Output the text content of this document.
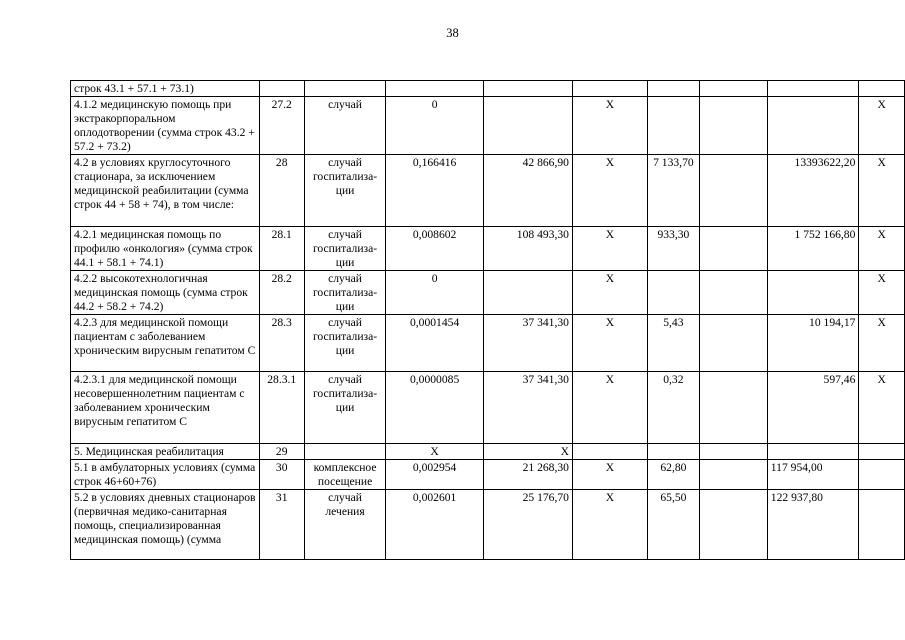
38
строк 43.1 + 57.1 + 73.1)									
4.1.2 медицинскую помощь при экстракорпоральном оплодотворении (сумма строк 43.2 + 57.2 + 73.2)	27.2	случай	0		X				X
4.2 в условиях круглосуточного стационара, за исключением медицинской реабилитации (сумма строк 44 + 58 + 74), в том числе:	28	случай госпитализа-ции	0,166416	42 866,90	X	7 133,70		13393622,20	X
4.2.1 медицинская помощь по профилю «онкология» (сумма строк 44.1 + 58.1 + 74.1)	28.1	случай госпитализа-ции	0,008602	108 493,30	X	933,30		1 752 166,80	X
4.2.2 высокотехнологичная медицинская помощь (сумма строк 44.2 + 58.2 + 74.2)	28.2	случай госпитализа-ции	0		X				X
4.2.3 для медицинской помощи пациентам с заболеванием хроническим вирусным гепатитом С	28.3	случай госпитализа-ции	0,0001454	37 341,30	X	5,43		10 194,17	X
4.2.3.1 для медицинской помощи несовершеннолетним пациентам с заболеванием хроническим вирусным гепатитом С	28.3.1	случай госпитализа-ции	0,0000085	37 341,30	X	0,32		597,46	X
5. Медицинская реабилитация	29		X	X					
5.1 в амбулаторных условиях (сумма строк 46+60+76)	30	комплексное посещение	0,002954	21 268,30	X	62,80		117 954,00	
5.2 в условиях дневных стационаров (первичная медико-санитарная помощь, специализированная медицинская помощь) (сумма	31	случай лечения	0,002601	25 176,70	X	65,50		122 937,80	
